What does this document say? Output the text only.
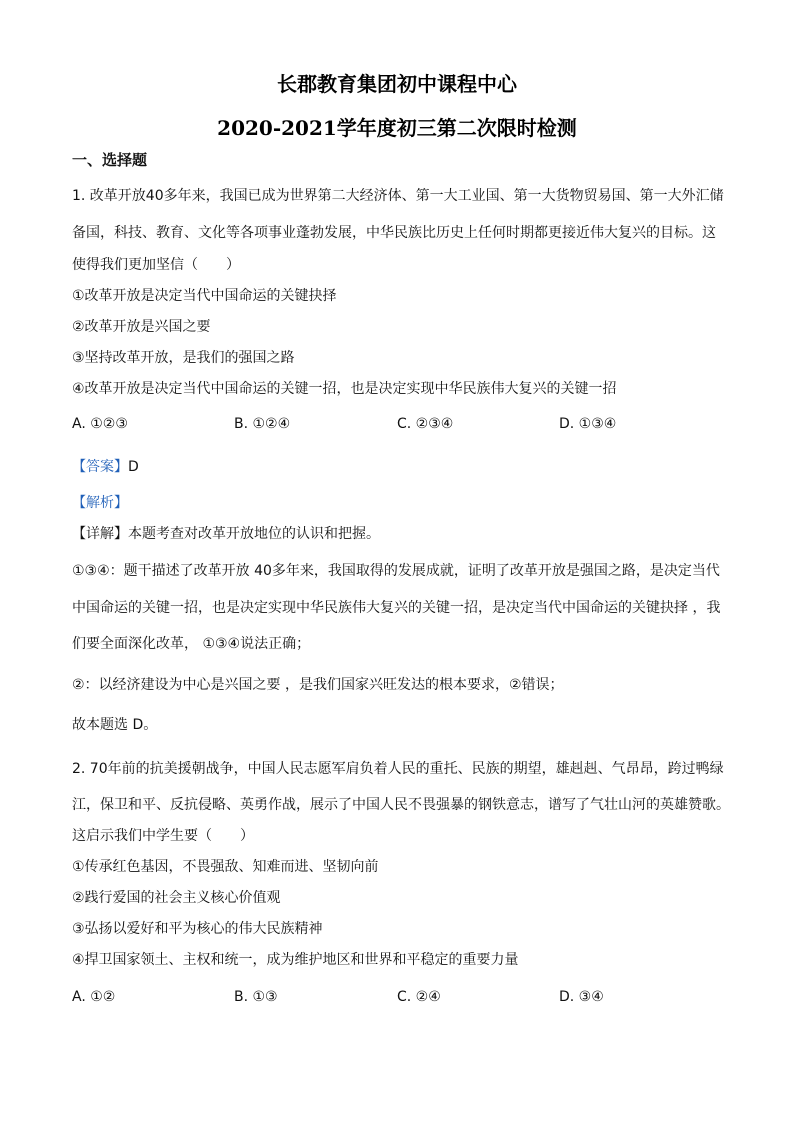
长郡教育集团初中课程中心
2020-2021学年度初三第二次限时检测
一、选择题
1. 改革开放40多年来，我国已成为世界第二大经济体、第一大工业国、第一大货物贸易国、第一大外汇储
备国，科技、教育、文化等各项事业蓬勃发展，中华民族比历史上任何时期都更接近伟大复兴的目标。这
使得我们更加坚信（　　）
①改革开放是决定当代中国命运的关键抉择
②改革开放是兴国之要
③坚持改革开放，是我们的强国之路
④改革开放是决定当代中国命运的关键一招，也是决定实现中华民族伟大复兴的关键一招
A. ①②③	B. ①②④	C. ②③④	D. ①③④
【答案】D
【解析】
【详解】本题考查对改革开放地位的认识和把握。
①③④：题干描述了改革开放 40多年来，我国取得的发展成就，证明了改革开放是强国之路，是决定当代
中国命运的关键一招，也是决定实现中华民族伟大复兴的关键一招，是决定当代中国命运的关键抉择 ，我
们要全面深化改革， ①③④说法正确；
②：以经济建设为中心是兴国之要 ，是我们国家兴旺发达的根本要求，②错误；
故本题选 D。
2. 70年前的抗美援朝战争，中国人民志愿军肩负着人民的重托、民族的期望，雄赳赳、气昂昂，跨过鸭绿
江，保卫和平、反抗侵略、英勇作战，展示了中国人民不畏强暴的钢铁意志，谱写了气壮山河的英雄赞歌。
这启示我们中学生要（　　）
①传承红色基因，不畏强敌、知难而进、坚韧向前
②践行爱国的社会主义核心价值观
③弘扬以爱好和平为核心的伟大民族精神
④捍卫国家领土、主权和统一，成为维护地区和世界和平稳定的重要力量
A. ①②	B. ①③	C. ②④	D. ③④
